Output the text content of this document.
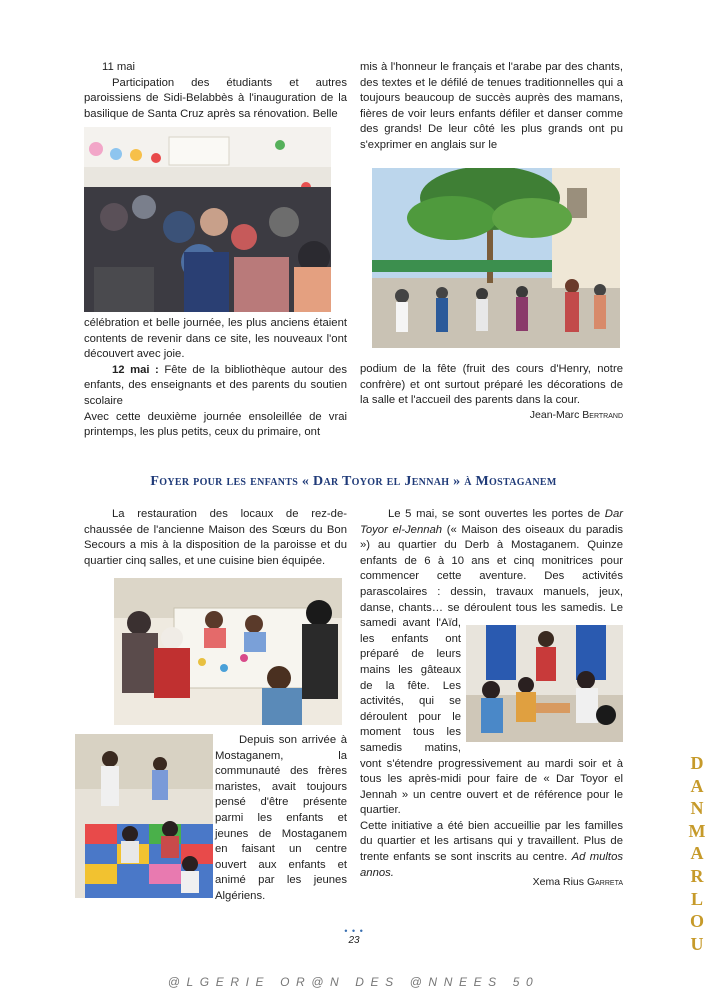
11 mai

Participation des étudiants et autres paroissiens de Sidi-Belabbès à l'inauguration de la basilique de Santa Cruz après sa rénovation. Belle

célébration et belle journée, les plus anciens étaient contents de revenir dans ce site, les nouveaux l'ont découvert avec joie.

12 mai : Fête de la bibliothèque autour des enfants, des enseignants et des parents du soutien scolaire

Avec cette deuxième journée ensoleillée de vrai printemps, les plus petits, ceux du primaire, ont

mis à l'honneur le français et l'arabe par des chants, des textes et le défilé de tenues traditionnelles qui a toujours beaucoup de succès auprès des mamans, fières de voir leurs enfants défiler et danser comme des grands! De leur côté les plus grands ont pu s'exprimer en anglais sur le

podium de la fête (fruit des cours d'Henry, notre confrère) et ont surtout préparé les décorations de la salle et l'accueil des parents dans la cour.

Jean-Marc Bertrand
Foyer pour les enfants « Dar Toyor el Jennah » à Mostaganem

La restauration des locaux de rez-de-chaussée de l'ancienne Maison des Sœurs du Bon Secours a mis à la disposition de la paroisse et du quartier cinq salles, et une cuisine bien équipée.

Depuis son arrivée à Mostaganem, la communauté des frères maristes, avait toujours pensé d'être présente parmi les enfants et jeunes de Mostaganem en faisant un centre ouvert aux enfants et animé par les jeunes Algériens.

Le 5 mai, se sont ouvertes les portes de Dar Toyor el-Jennah (« Maison des oiseaux du paradis ») au quartier du Derb à Mostaganem. Quinze enfants de 6 à 10 ans et cinq monitrices pour commencer cette aventure. Des activités parascolaires : dessin, travaux manuels, jeux, danse, chants… se déroulent tous les samedis. Le samedi avant l'Aïd, les enfants ont préparé de leurs mains les gâteaux de la fête. Les activités, qui se déroulent pour le moment tous les samedis matins, vont s'étendre progressivement au mardi soir et à tous les après-midi pour faire de « Dar Toyor el Jennah » un centre ouvert et de référence pour le quartier.

Cette initiative a été bien accueillie par les familles du quartier et les artisans qui y travaillent. Plus de trente enfants se sont inscrits au centre. Ad multos annos.

Xema Rius Garreta
• • •
23
DANMARLOU
@LGERIE OR@N DES @NNEES 50
